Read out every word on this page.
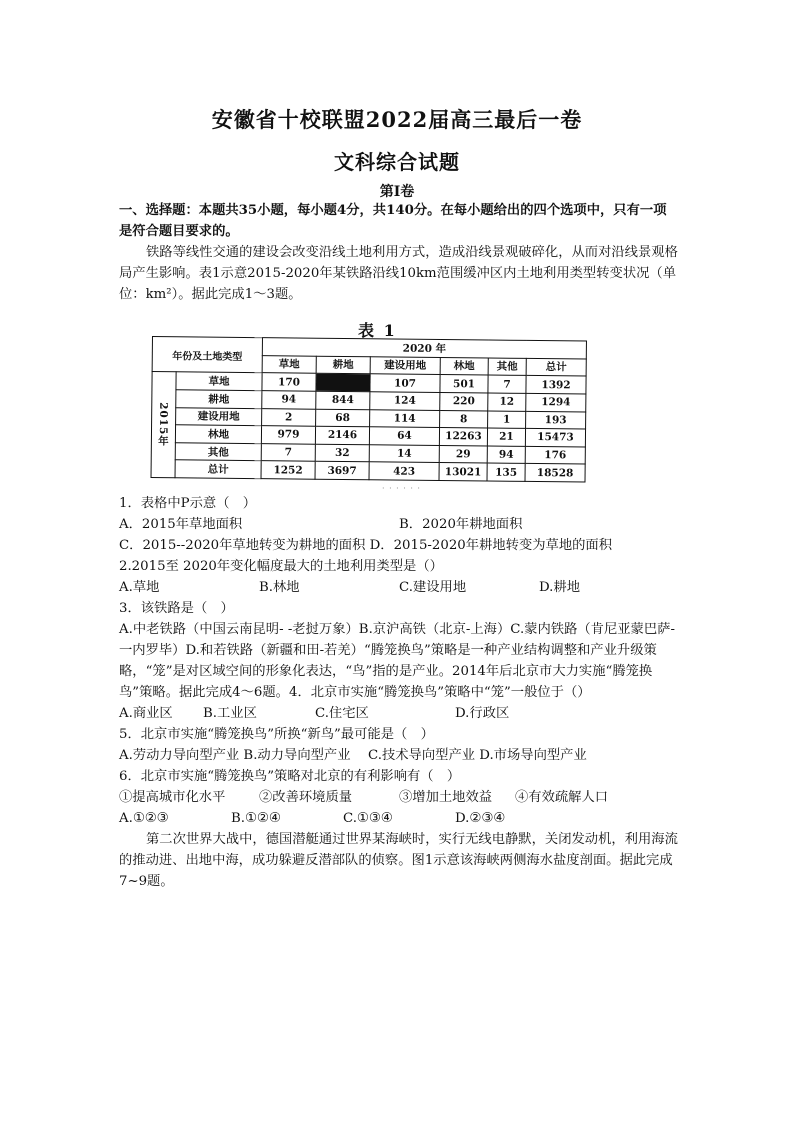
安徽省十校联盟2022届高三最后一卷
文科综合试题
第Ⅰ卷

一、选择题：本题共35小题，每小题4分，共140分。在每小题给出的四个选项中，只有一项是符合题目要求的。

铁路等线性交通的建设会改变沿线土地利用方式，造成沿线景观破碎化，从而对沿线景观格局产生影响。表1示意2015-2020年某铁路沿线10km范围缓冲区内土地利用类型转变状况（单位：km²）。据此完成1～3题。

表 1
年份及土地类型		2020 年					
		草地	耕地	建设用地	林地	其他	总计
2015年	草地	170		107	501	7	1392
	耕地	94	844	124	220	12	1294
	建设用地	2	68	114	8	1	193
	林地	979	2146	64	12263	21	15473
	其他	7	32	14	29	94	176
	总计	1252	3697	423	13021	135	18528
· · · · · ·

1．表格中P示意（　）

A．2015年草地面积	B．2020年耕地面积

C．2015--2020年草地转变为耕地的面积 D．2015-2020年耕地转变为草地的面积

2.2015至 2020年变化幅度最大的土地利用类型是（）

A.草地	B.林地	C.建设用地	D.耕地

3．该铁路是（　）

A.中老铁路（中国云南昆明- -老挝万象）B.京沪高铁（北京-上海）C.蒙内铁路（肯尼亚蒙巴萨-一内罗毕）D.和若铁路（新疆和田-若羌）“腾笼换鸟”策略是一种产业结构调整和产业升级策略，“笼”是对区域空间的形象化表达，“鸟”指的是产业。2014年后北京市大力实施“腾笼换鸟”策略。据此完成4～6题。4．北京市实施“腾笼换鸟”策略中“笼”一般位于（）

A.商业区	B.工业区	C.住宅区	D.行政区

5．北京市实施“腾笼换鸟”所换“新鸟”最可能是（　）

A.劳动力导向型产业 B.动力导向型产业　 C.技术导向型产业 D.市场导向型产业

6．北京市实施“腾笼换鸟”策略对北京的有利影响有（　）

①提高城市化水平	②改善环境质量	③增加土地效益	④有效疏解人口
A.①②③	B.①②④	C.①③④	D.②③④

第二次世界大战中，德国潜艇通过世界某海峡时，实行无线电静默，关闭发动机，利用海流的推动进、出地中海，成功躲避反潜部队的侦察。图1示意该海峡两侧海水盐度剖面。据此完成7~9题。
